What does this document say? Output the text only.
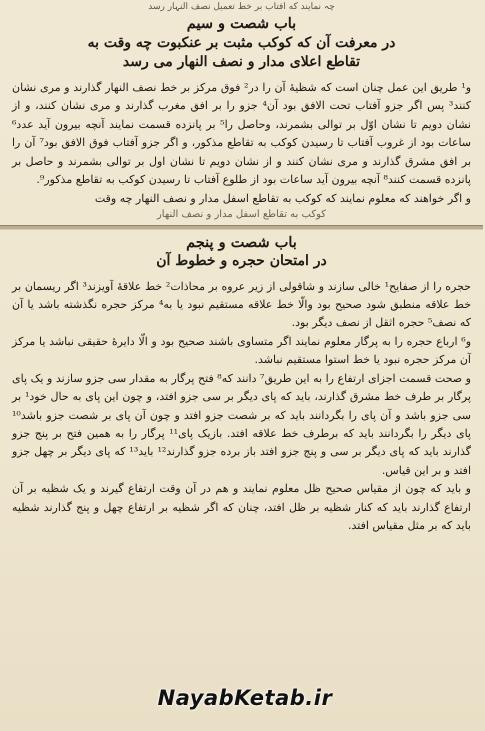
چہ نمایند که افتاب بر خط تعمیل نصف النہار رسد
باب شصت و سیم
در معرفت آن که کوکب مثبت بر عنکبوت چه وقت به
تقاطع اعلای مدار و نصف النهار می رسد

و¹ طریق این عمل چنان است که شظیهٔ آن را در² فوق مرکز بر خط نصف النهار گذارند و مری نشان کنند³ پس اگر جزو آفتاب تحت الافق بود آن⁴ جزو را بر افق مغرب گذارند و مری نشان کنند، و از نشان دویم تا نشان اوّل بر توالی بشمرند، وحاصل را⁵ بر پانزده قسمت نمایند آنچه بیرون آید عدد⁶ ساعات بود از غروب آفتاب تا رسیدن کوکب به تقاطع مذکور، و اگر جزو آفتاب فوق الافق بود⁷ آن را بر افق مشرق گذارند و مری نشان کنند و از نشان دویم تا نشان اول بر توالی بشمرند و حاصل بر پانزده قسمت کنند⁸ آنچه بیرون آید ساعات بود از طلوع آفتاب تا رسیدن کوکب به تقاطع مذکور⁹.

و اگر خواهند که معلوم نمایند که کوکب به تقاطع اسفل مدار و نصف النهار چه وقت

کوکب به تقاطع اسفل مدار و نصف النهار
باب شصت و پنجم
در امتحان حجره و خطوط آن

حجره را از صفایح¹ خالی سازند و شاقولی از زیر عروه بر محاذات² خط علاقهٔ آویزند³ اگر ریسمان بر خط علاقه منطبق شود صحیح بود والّا خط علاقه مستقیم نبود یا به⁴ مرکز حجره نگذشته باشد یا آن که نصف⁵ حجره اثقل از نصف دیگر بود.

و⁶ ارباع حجره را به پرگار معلوم نمایند اگر متساوی باشند صحیح بود و الّا دایرهٔ حقیقی نباشد یا مرکز آن مرکز حجره نبود یا خط استوا مستقیم نباشد.

و صحت قسمت اجزای ارتفاع را به این طریق⁷ دانند که⁸ فتح پرگار به مقدار سی جزو سازند و یک پای پرگار بر طرف خط مشرق گذارند، باید که پای دیگر بر سی جزو افتد، و چون این پای به حال خود¹ بر سی جزو باشد و آن پای را بگردانند باید که بر شصت جزو افتد و چون آن پای بر شصت جزو باشد¹⁰ پای دیگر را بگردانند باید که برطرف خط علاقه افتد. بازیک پای¹¹ پرگار را به همین فتح بر پنج جزو گذارند باید که پای دیگر بر سی و پنج جزو افتد باز برده جزو گذارند¹² باید¹³ که پای دیگر بر چهل جزو افتد و بر این قیاس.

و باید که چون از مقیاس صحیح ظل معلوم نمایند و هم در آن وقت ارتفاع گیرند و یک شظیه بر آن ارتفاع گذارند باید که کنار شظیه بر ظل افتد، چنان که اگر شظیه بر ارتفاع چهل و پنج گذارند شظیه باید که بر مثل مقیاس افتد.

NayabKetab.ir
